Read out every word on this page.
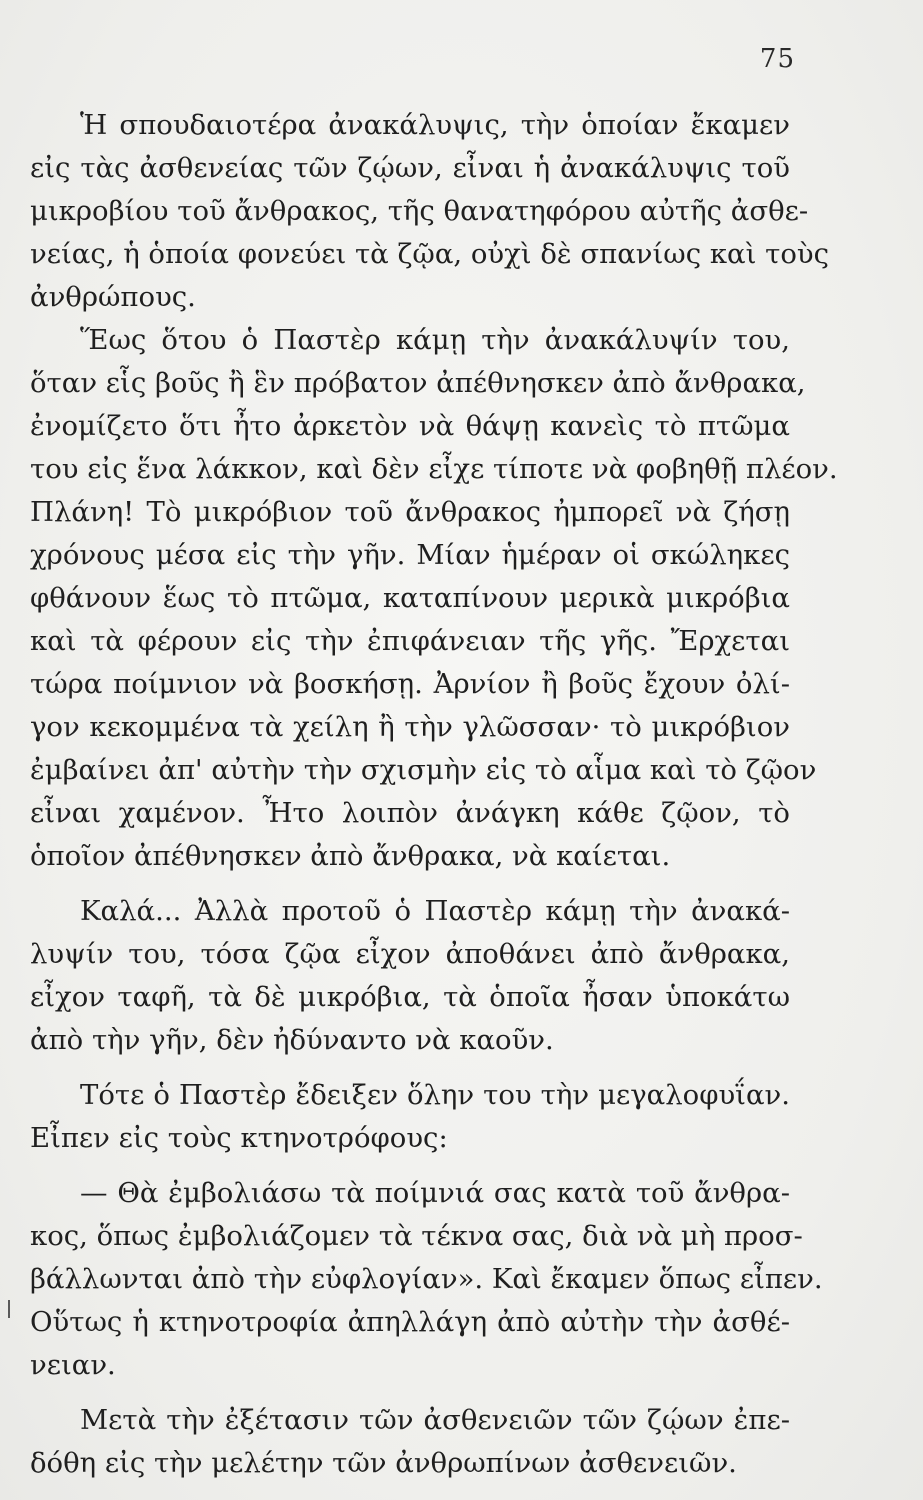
75
Ἡ σπουδαιοτέρα ἀνακάλυψις, τὴν ὁποίαν ἔκαμεν
εἰς τὰς ἀσθενείας τῶν ζῴων, εἶναι ἡ ἀνακάλυψις τοῦ
μικροβίου τοῦ ἄνθρακος, τῆς θανατηφόρου αὐτῆς ἀσθε-
νείας, ἡ ὁποία φονεύει τὰ ζῷα, οὐχὶ δὲ σπανίως καὶ τοὺς
ἀνθρώπους.
Ἕως ὅτου ὁ Παστὲρ κάμῃ τὴν ἀνακάλυψίν του,
ὅταν εἷς βοῦς ἢ ἓν πρόβατον ἀπέθνησκεν ἀπὸ ἄνθρακα,
ἐνομίζετο ὅτι ἦτο ἀρκετὸν νὰ θάψῃ κανεὶς τὸ πτῶμα
του εἰς ἕνα λάκκον, καὶ δὲν εἶχε τίποτε νὰ φοβηθῇ πλέον.
Πλάνη! Τὸ μικρόβιον τοῦ ἄνθρακος ἠμπορεῖ νὰ ζήσῃ
χρόνους μέσα εἰς τὴν γῆν. Μίαν ἡμέραν οἱ σκώληκες
φθάνουν ἕως τὸ πτῶμα, καταπίνουν μερικὰ μικρόβια
καὶ τὰ φέρουν εἰς τὴν ἐπιφάνειαν τῆς γῆς. Ἔρχεται
τώρα ποίμνιον νὰ βοσκήσῃ. Ἀρνίον ἢ βοῦς ἔχουν ὀλί-
γον κεκομμένα τὰ χείλη ἢ τὴν γλῶσσαν· τὸ μικρόβιον
ἐμβαίνει ἀπ' αὐτὴν τὴν σχισμὴν εἰς τὸ αἷμα καὶ τὸ ζῷον
εἶναι χαμένον. Ἦτο λοιπὸν ἀνάγκη κάθε ζῷον, τὸ
ὁποῖον ἀπέθνησκεν ἀπὸ ἄνθρακα, νὰ καίεται.
Καλά... Ἀλλὰ προτοῦ ὁ Παστὲρ κάμῃ τὴν ἀνακά-
λυψίν του, τόσα ζῷα εἶχον ἀποθάνει ἀπὸ ἄνθρακα,
εἶχον ταφῆ, τὰ δὲ μικρόβια, τὰ ὁποῖα ἦσαν ὑποκάτω
ἀπὸ τὴν γῆν, δὲν ἠδύναντο νὰ καοῦν.
Τότε ὁ Παστὲρ ἔδειξεν ὅλην του τὴν μεγαλοφυΐαν.
Εἶπεν εἰς τοὺς κτηνοτρόφους:
— Θὰ ἐμβολιάσω τὰ ποίμνιά σας κατὰ τοῦ ἄνθρα-
κος, ὅπως ἐμβολιάζομεν τὰ τέκνα σας, διὰ νὰ μὴ προσ-
βάλλωνται ἀπὸ τὴν εὐφλογίαν». Καὶ ἔκαμεν ὅπως εἶπεν.
Οὕτως ἡ κτηνοτροφία ἀπηλλάγη ἀπὸ αὐτὴν τὴν ἀσθέ-
νειαν.
Μετὰ τὴν ἐξέτασιν τῶν ἀσθενειῶν τῶν ζῴων ἐπε-
δόθη εἰς τὴν μελέτην τῶν ἀνθρωπίνων ἀσθενειῶν.
